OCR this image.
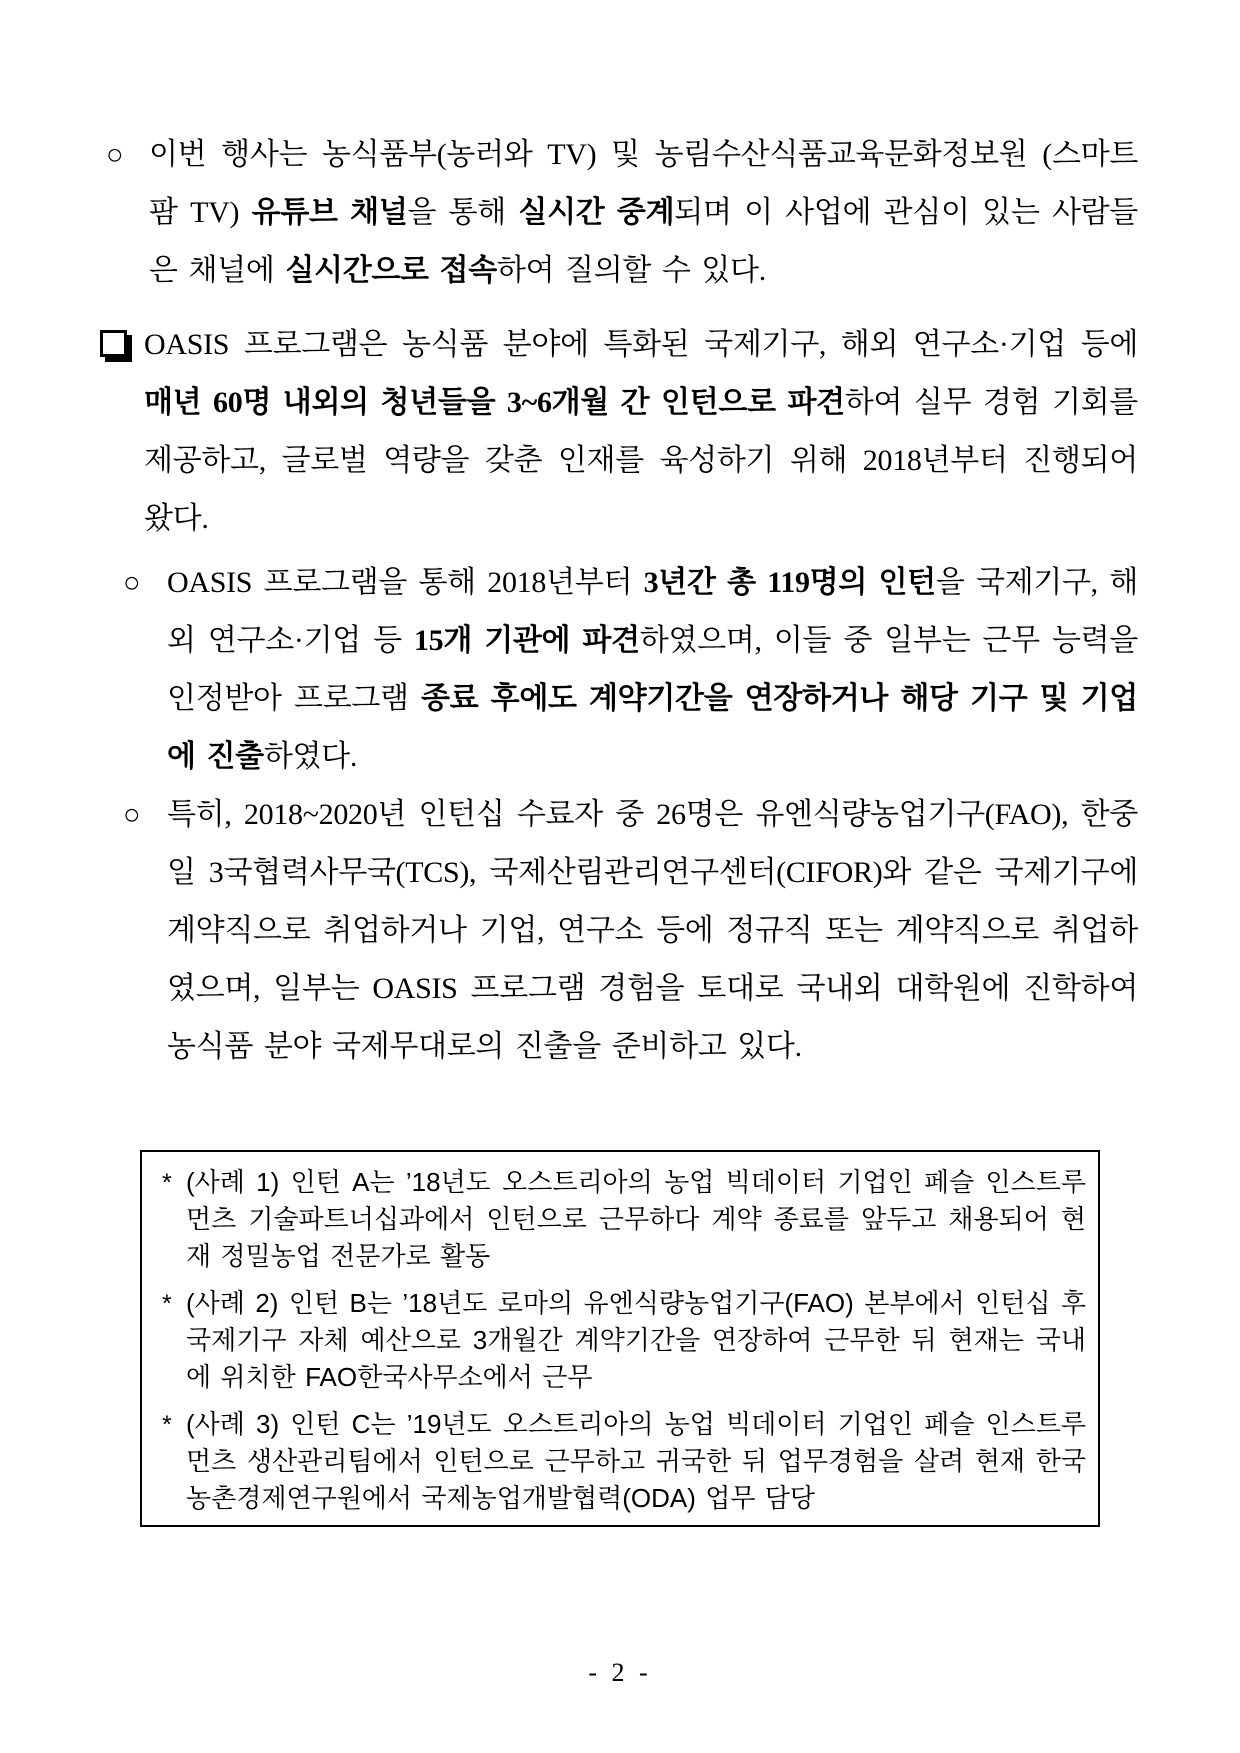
○ 이번 행사는 농식품부(농러와 TV) 및 농림수산식품교육문화정보원 (스마트팜 TV) 유튜브 채널을 통해 실시간 중계되며 이 사업에 관심이 있는 사람들은 채널에 실시간으로 접속하여 질의할 수 있다.
OASIS 프로그램은 농식품 분야에 특화된 국제기구, 해외 연구소·기업 등에 매년 60명 내외의 청년들을 3~6개월 간 인턴으로 파견하여 실무 경험 기회를 제공하고, 글로벌 역량을 갖춘 인재를 육성하기 위해 2018년부터 진행되어 왔다.
○ OASIS 프로그램을 통해 2018년부터 3년간 총 119명의 인턴을 국제기구, 해외 연구소·기업 등 15개 기관에 파견하였으며, 이들 중 일부는 근무 능력을 인정받아 프로그램 종료 후에도 계약기간을 연장하거나 해당 기구 및 기업에 진출하였다.
○ 특히, 2018~2020년 인턴십 수료자 중 26명은 유엔식량농업기구(FAO), 한중일 3국협력사무국(TCS), 국제산림관리연구센터(CIFOR)와 같은 국제기구에 계약직으로 취업하거나 기업, 연구소 등에 정규직 또는 계약직으로 취업하였으며, 일부는 OASIS 프로그램 경험을 토대로 국내외 대학원에 진학하여 농식품 분야 국제무대로의 진출을 준비하고 있다.
* (사례 1) 인턴 A는 ’18년도 오스트리아의 농업 빅데이터 기업인 페슬 인스트루먼츠 기술파트너십과에서 인턴으로 근무하다 계약 종료를 앞두고 채용되어 현재 정밀농업 전문가로 활동
* (사례 2) 인턴 B는 ’18년도 로마의 유엔식량농업기구(FAO) 본부에서 인턴십 후 국제기구 자체 예산으로 3개월간 계약기간을 연장하여 근무한 뒤 현재는 국내에 위치한 FAO한국사무소에서 근무
* (사례 3) 인턴 C는 ’19년도 오스트리아의 농업 빅데이터 기업인 페슬 인스트루먼츠 생산관리팀에서 인턴으로 근무하고 귀국한 뒤 업무경험을 살려 현재 한국농촌경제연구원에서 국제농업개발협력(ODA) 업무 담당
- 2 -
